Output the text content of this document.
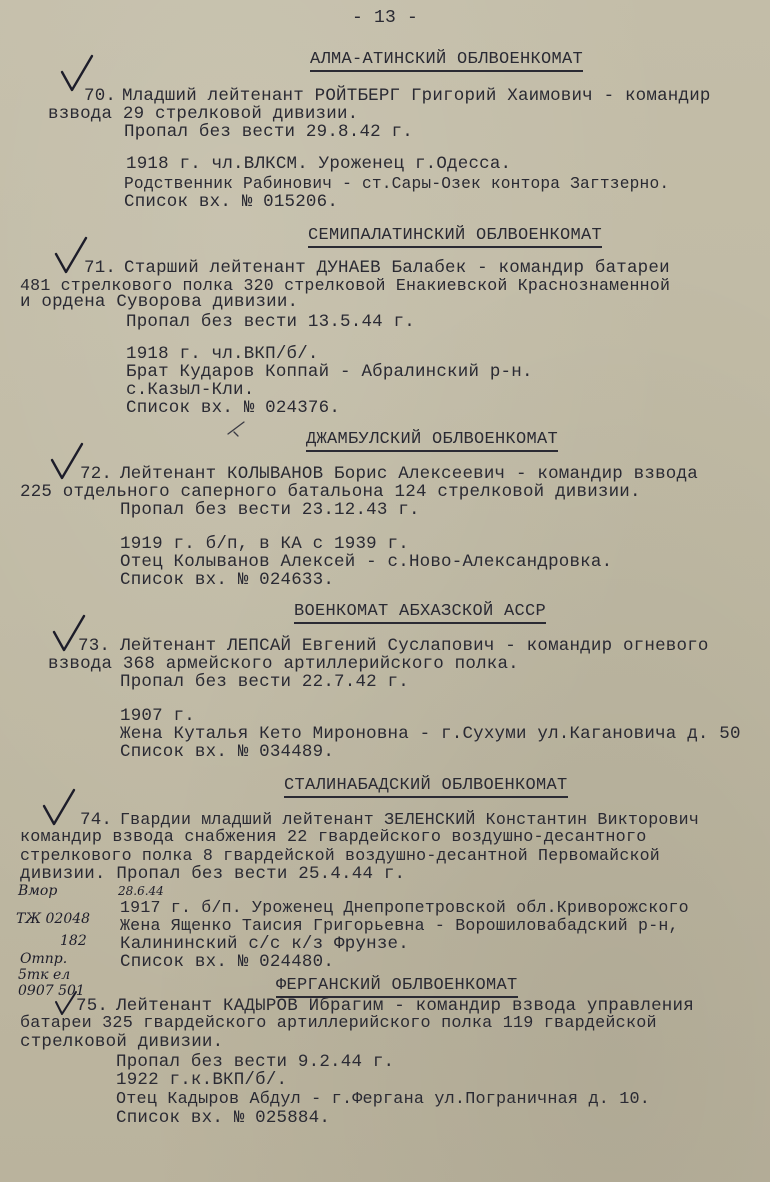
- 13 -
АЛМА-АТИНСКИЙ ОБЛВОЕНКОМАТ
70. Младший лейтенант РОЙТБЕРГ Григорий Хаимович - командир
взвода 29 стрелковой дивизии.
Пропал без вести 29.8.42 г.
1918 г. чл.ВЛКСМ. Уроженец г.Одесса.
Родственник Рабинович - ст.Сары-Озек контора Загтзерно.
Список вх. № 015206.
СЕМИПАЛАТИНСКИЙ ОБЛВОЕНКОМАТ
71. Старший лейтенант ДУНАЕВ Балабек - командир батареи
481 стрелкового полка 320 стрелковой Енакиевской Краснознаменной
и ордена Суворова дивизии.
Пропал без вести 13.5.44 г.
1918 г. чл.ВКП/б/.
Брат Кударов Коппай - Абралинский р-н.
с.Казыл-Кли.
Список вх. № 024376.
ДЖАМБУЛСКИЙ ОБЛВОЕНКОМАТ
72. Лейтенант КОЛЫВАНОВ Борис Алексеевич - командир взвода
225 отдельного саперного батальона 124 стрелковой дивизии.
Пропал без вести 23.12.43 г.
1919 г. б/п, в КА с 1939 г.
Отец Колыванов Алексей - с.Ново-Александровка.
Список вх. № 024633.
ВОЕНКОМАТ АБХАЗСКОЙ АССР
73. Лейтенант ЛЕПСАЙ Евгений Суслапович - командир огневого
взвода 368 армейского артиллерийского полка.
Пропал без вести 22.7.42 г.
1907 г.
Жена Куталья Кето Мироновна - г.Сухуми ул.Кагановича д. 50
Список вх. № 034489.
СТАЛИНАБАДСКИЙ ОБЛВОЕНКОМАТ
74. Гвардии младший лейтенант ЗЕЛЕНСКИЙ Константин Викторович
командир взвода снабжения 22 гвардейского воздушно-десантного
стрелкового полка 8 гвардейской воздушно-десантной Первомайской
дивизии. Пропал без вести 25.4.44 г.
1917 г. б/п. Уроженец Днепропетровской обл.Криворожского
Жена Ященко Таисия Григорьевна - Ворошиловабадский р-н,
Калининский с/с к/з Фрунзе.
Список вх. № 024480.
ФЕРГАНСКИЙ ОБЛВОЕНКОМАТ
75. Лейтенант КАДЫРОВ Ибрагим - командир взвода управления
батареи 325 гвардейского артиллерийского полка 119 гвардейской
стрелковой дивизии.
Пропал без вести 9.2.44 г.
1922 г.к.ВКП/б/.
Отец Кадыров Абдул - г.Фергана ул.Пограничная д. 10.
Список вх. № 025884.
Вмор	28.6.44
ТЖ 02048
182
Отпр.
5тк ел
0907 501
